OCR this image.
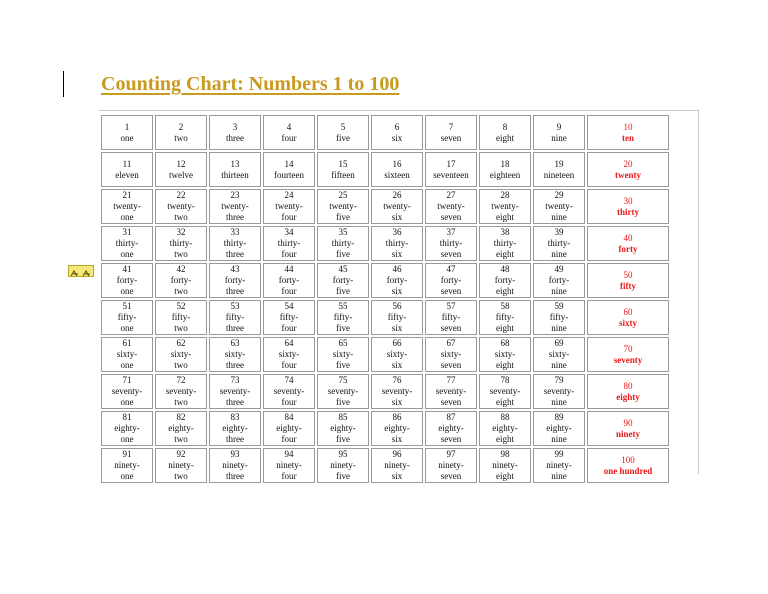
Counting Chart: Numbers 1 to 100
1
one	2
two	3
three	4
four	5
five	6
six	7
seven	8
eight	9
nine	10
ten

11
eleven	12
twelve	13
thirteen	14
fourteen	15
fifteen	16
sixteen	17
seventeen	18
eighteen	19
nineteen	20
twenty

21
twenty-
one	22
twenty-
two	23
twenty-
three	24
twenty-
four	25
twenty-
five	26
twenty-
six	27
twenty-
seven	28
twenty-
eight	29
twenty-
nine	30
thirty

31
thirty-
one	32
thirty-
two	33
thirty-
three	34
thirty-
four	35
thirty-
five	36
thirty-
six	37
thirty-
seven	38
thirty-
eight	39
thirty-
nine	40
forty

41
forty-
one	42
forty-
two	43
forty-
three	44
forty-
four	45
forty-
five	46
forty-
six	47
forty-
seven	48
forty-
eight	49
forty-
nine	50
fifty

51
fifty-
one	52
fifty-
two	53
fifty-
three	54
fifty-
four	55
fifty-
five	56
fifty-
six	57
fifty-
seven	58
fifty-
eight	59
fifty-
nine	60
sixty

61
sixty-
one	62
sixty-
two	63
sixty-
three	64
sixty-
four	65
sixty-
five	66
sixty-
six	67
sixty-
seven	68
sixty-
eight	69
sixty-
nine	70
seventy

71
seventy-
one	72
seventy-
two	73
seventy-
three	74
seventy-
four	75
seventy-
five	76
seventy-
six	77
seventy-
seven	78
seventy-
eight	79
seventy-
nine	80
eighty

81
eighty-
one	82
eighty-
two	83
eighty-
three	84
eighty-
four	85
eighty-
five	86
eighty-
six	87
eighty-
seven	88
eighty-
eight	89
eighty-
nine	90
ninety

91
ninety-
one	92
ninety-
two	93
ninety-
three	94
ninety-
four	95
ninety-
five	96
ninety-
six	97
ninety-
seven	98
ninety-
eight	99
ninety-
nine	100
one hundred
